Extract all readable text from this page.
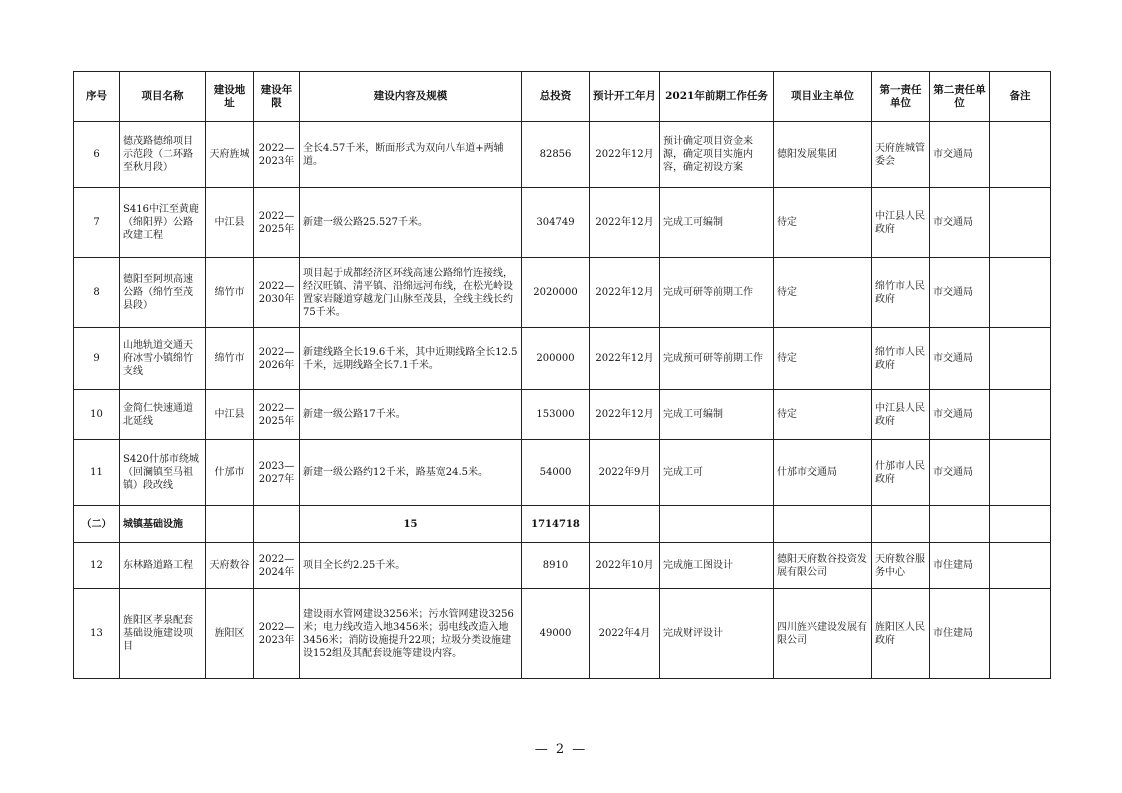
序号	项目名称	建设地址	建设年限	建设内容及规模	总投资	预计开工年月	2021年前期工作任务	项目业主单位	第一责任单位	第二责任单位	备注
6	德茂路德绵项目示范段（二环路至秋月段）	天府旌城	2022—2023年	全长4.57千米，断面形式为双向八车道+两辅道。	82856	2022年12月	预计确定项目资金来源，确定项目实施内容，确定初设方案	德阳发展集团	天府旌城管委会	市交通局	
7	S416中江至黄鹿（绵阳界）公路改建工程	中江县	2022—2025年	新建一级公路25.527千米。	304749	2022年12月	完成工可编制	待定	中江县人民政府	市交通局	
8	德阳至阿坝高速公路（绵竹至茂县段）	绵竹市	2022—2030年	项目起于成都经济区环线高速公路绵竹连接线，经汉旺镇、清平镇、沿绵远河布线，在松光岭设置家岩隧道穿越龙门山脉至茂县，全线主线长约75千米。	2020000	2022年12月	完成可研等前期工作	待定	绵竹市人民政府	市交通局	
9	山地轨道交通天府冰雪小镇绵竹支线	绵竹市	2022—2026年	新建线路全长19.6千米，其中近期线路全长12.5千米，远期线路全长7.1千米。	200000	2022年12月	完成预可研等前期工作	待定	绵竹市人民政府	市交通局	
10	金简仁快速通道北延线	中江县	2022—2025年	新建一级公路17千米。	153000	2022年12月	完成工可编制	待定	中江县人民政府	市交通局	
11	S420什邡市绕城（回澜镇至马祖镇）段改线	什邡市	2023—2027年	新建一级公路约12千米，路基宽24.5米。	54000	2022年9月	完成工可	什邡市交通局	什邡市人民政府	市交通局	
（二）	城镇基础设施			15	1714718						
12	东林路道路工程	天府数谷	2022—2024年	项目全长约2.25千米。	8910	2022年10月	完成施工图设计	德阳天府数谷投资发展有限公司	天府数谷服务中心	市住建局	
13	旌阳区孝泉配套基础设施建设项目	旌阳区	2022—2023年	建设雨水管网建设3256米；污水管网建设3256米；电力线改造入地3456米；弱电线改造入地3456米；消防设施提升22项；垃圾分类设施建设152组及其配套设施等建设内容。	49000	2022年4月	完成财评设计	四川旌兴建设发展有限公司	旌阳区人民政府	市住建局	
— 2 —
